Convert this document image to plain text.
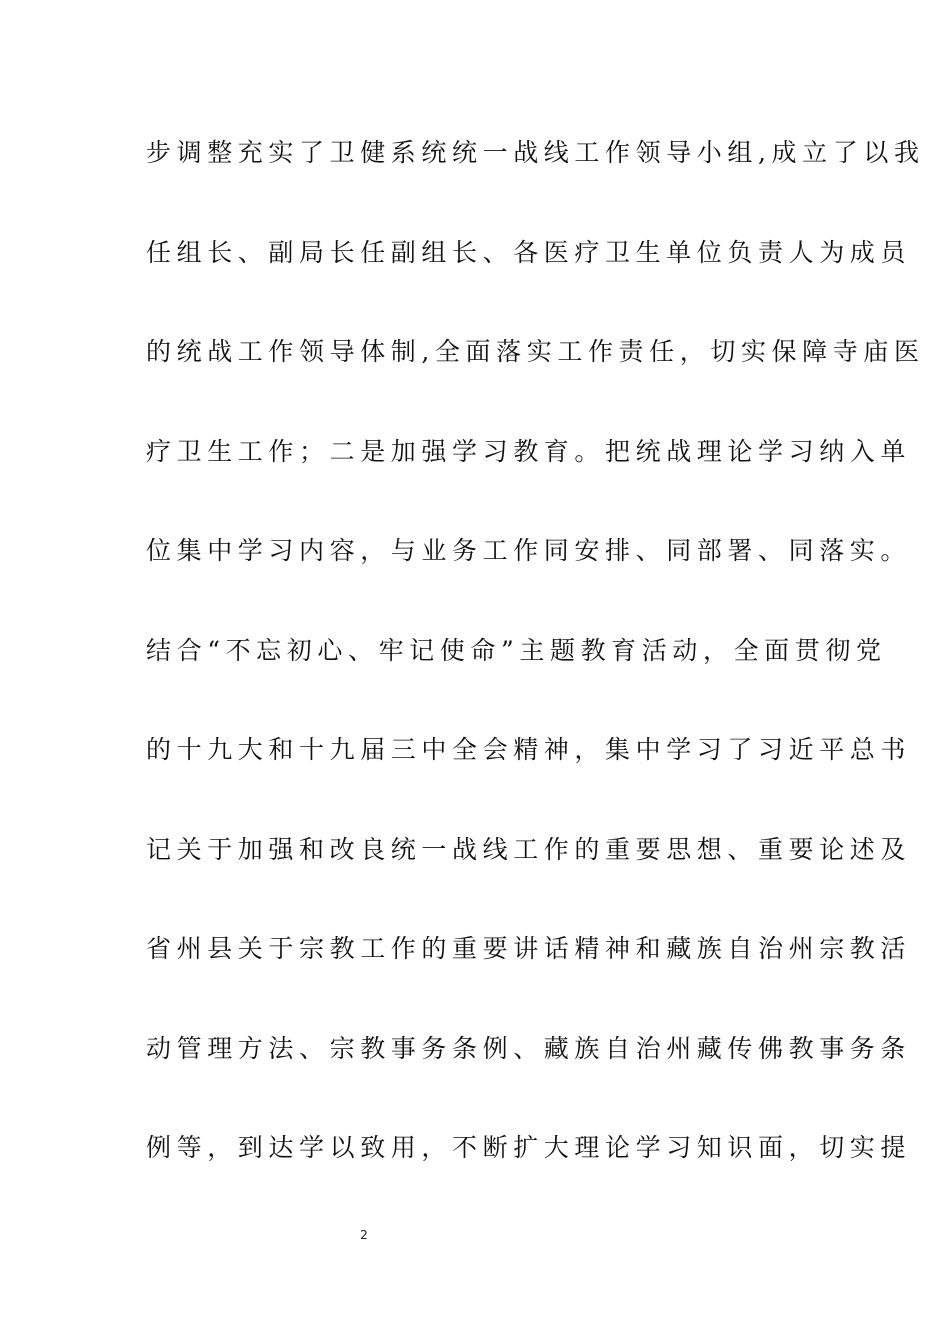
步调整充实了卫健系统统一战线工作领导小组,成立了以我
任组长、副局长任副组长、各医疗卫生单位负责人为成员
的统战工作领导体制,全面落实工作责任，切实保障寺庙医
疗卫生工作；二是加强学习教育。把统战理论学习纳入单
位集中学习内容，与业务工作同安排、同部署、同落实。
结合“不忘初心、牢记使命”主题教育活动，全面贯彻党
的十九大和十九届三中全会精神，集中学习了习近平总书
记关于加强和改良统一战线工作的重要思想、重要论述及
省州县关于宗教工作的重要讲话精神和藏族自治州宗教活
动管理方法、宗教事务条例、藏族自治州藏传佛教事务条
例等，到达学以致用，不断扩大理论学习知识面，切实提
2
